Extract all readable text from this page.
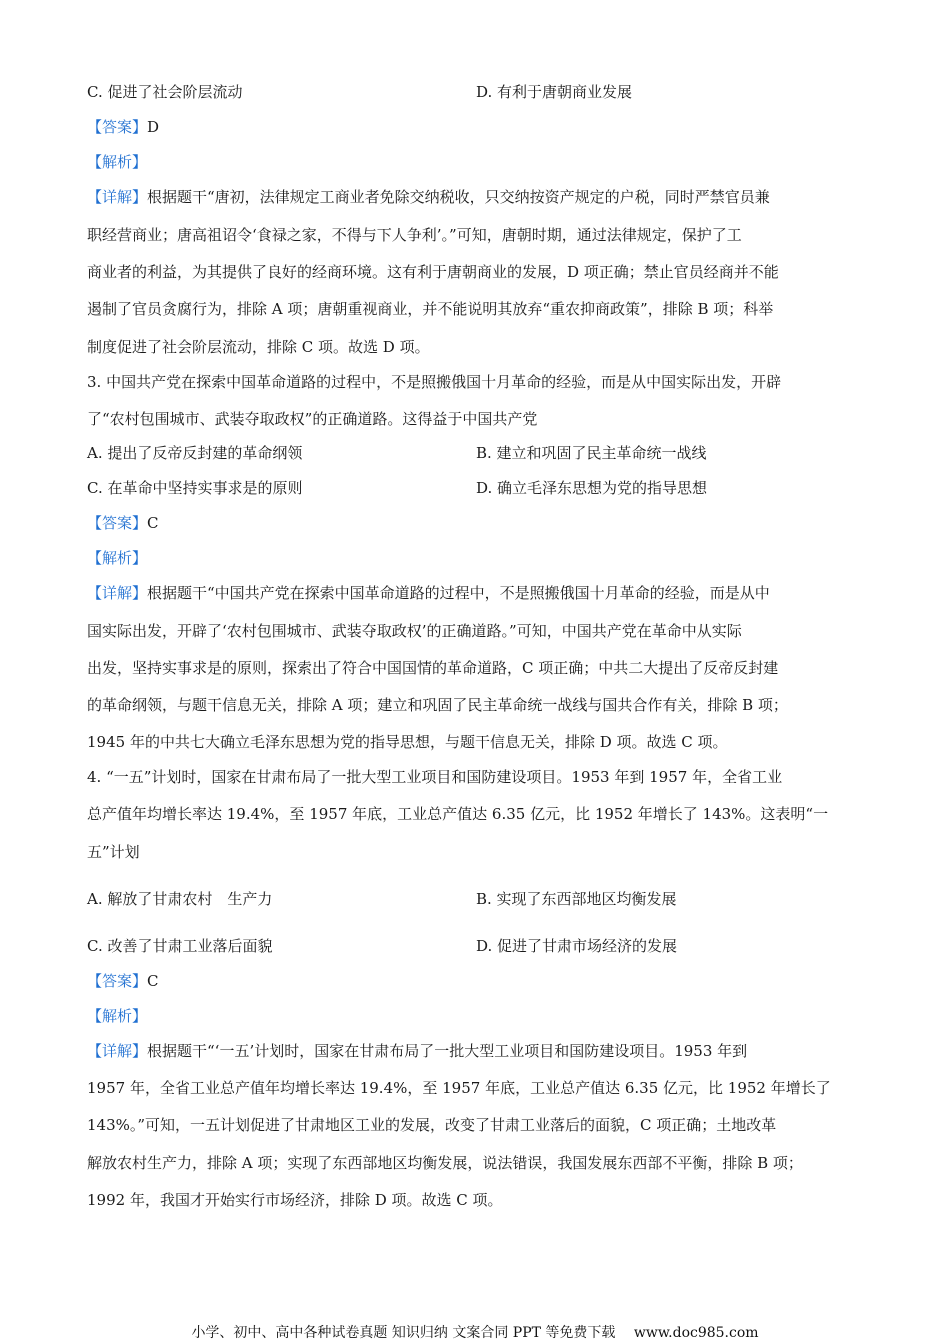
C. 促进了社会阶层流动	D. 有利于唐朝商业发展
【答案】D
【解析】
【详解】根据题干“唐初，法律规定工商业者免除交纳税收，只交纳按资产规定的户税，同时严禁官员兼
职经营商业；唐高祖诏令‘食禄之家，不得与下人争利’。”可知，唐朝时期，通过法律规定，保护了工
商业者的利益，为其提供了良好的经商环境。这有利于唐朝商业的发展，D 项正确；禁止官员经商并不能
遏制了官员贪腐行为，排除 A 项；唐朝重视商业，并不能说明其放弃“重农抑商政策”，排除 B 项；科举
制度促进了社会阶层流动，排除 C 项。故选 D 项。
3. 中国共产党在探索中国革命道路的过程中，不是照搬俄国十月革命的经验，而是从中国实际出发，开辟
了“农村包围城市、武装夺取政权”的正确道路。这得益于中国共产党
A. 提出了反帝反封建的革命纲领	B. 建立和巩固了民主革命统一战线
C. 在革命中坚持实事求是的原则	D. 确立毛泽东思想为党的指导思想
【答案】C
【解析】
【详解】根据题干“中国共产党在探索中国革命道路的过程中，不是照搬俄国十月革命的经验，而是从中
国实际出发，开辟了‘农村包围城市、武装夺取政权’的正确道路。”可知，中国共产党在革命中从实际
出发，坚持实事求是的原则，探索出了符合中国国情的革命道路，C 项正确；中共二大提出了反帝反封建
的革命纲领，与题干信息无关，排除 A 项；建立和巩固了民主革命统一战线与国共合作有关，排除 B 项；
1945 年的中共七大确立毛泽东思想为党的指导思想，与题干信息无关，排除 D 项。故选 C 项。
4. “一五”计划时，国家在甘肃布局了一批大型工业项目和国防建设项目。1953 年到 1957 年，全省工业
总产值年均增长率达 19.4%，至 1957 年底，工业总产值达 6.35 亿元，比 1952 年增长了 143%。这表明“一
五”计划
A. 解放了甘肃农村　生产力	B. 实现了东西部地区均衡发展
C. 改善了甘肃工业落后面貌	D. 促进了甘肃市场经济的发展
【答案】C
【解析】
【详解】根据题干“‘一五’计划时，国家在甘肃布局了一批大型工业项目和国防建设项目。1953 年到
1957 年，全省工业总产值年均增长率达 19.4%，至 1957 年底，工业总产值达 6.35 亿元，比 1952 年增长了
143%。”可知，一五计划促进了甘肃地区工业的发展，改变了甘肃工业落后的面貌，C 项正确；土地改革
解放农村生产力，排除 A 项；实现了东西部地区均衡发展，说法错误，我国发展东西部不平衡，排除 B 项；
1992 年，我国才开始实行市场经济，排除 D 项。故选 C 项。
小学、初中、高中各种试卷真题 知识归纳 文案合同 PPT 等免费下载　 www.doc985.com
